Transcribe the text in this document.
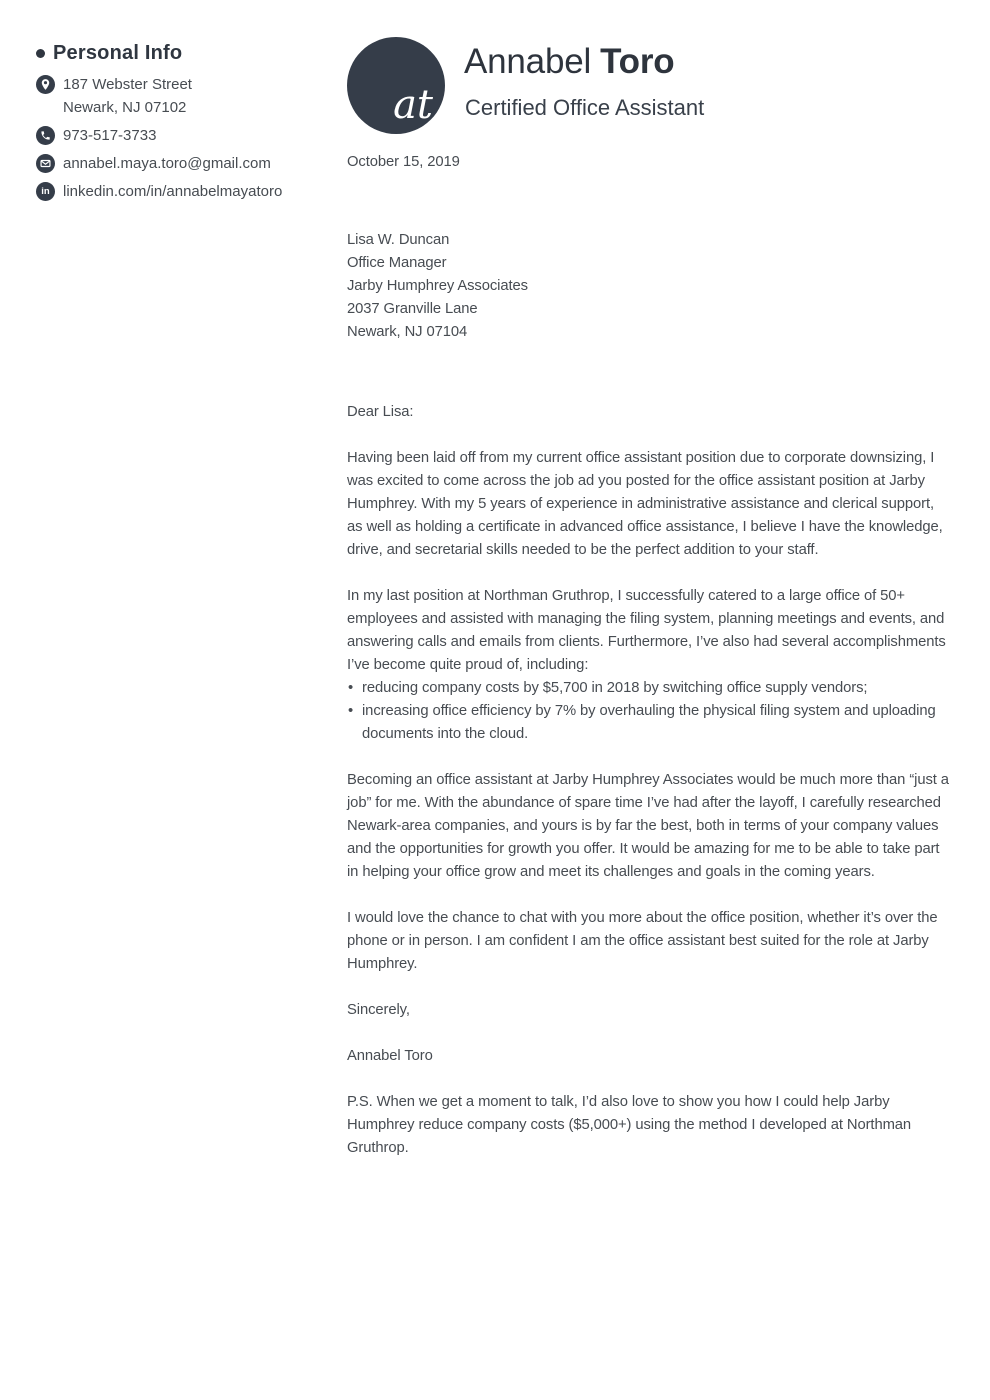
Personal Info
187 Webster Street
Newark, NJ 07102
973-517-3733
annabel.maya.toro@gmail.com
in linkedin.com/in/annabelmayatoro
at
Annabel Toro
Certified Office Assistant
October 15, 2019
Lisa W. Duncan
Office Manager
Jarby Humphrey Associates
2037 Granville Lane
Newark, NJ 07104
Dear Lisa:

Having been laid off from my current office assistant position due to corporate downsizing, I was excited to come across the job ad you posted for the office assistant position at Jarby Humphrey. With my 5 years of experience in administrative assistance and clerical support, as well as holding a certificate in advanced office assistance, I believe I have the knowledge, drive, and secretarial skills needed to be the perfect addition to your staff.

In my last position at Northman Gruthrop, I successfully catered to a large office of 50+ employees and assisted with managing the filing system, planning meetings and events, and answering calls and emails from clients. Furthermore, I’ve also had several accomplishments I’ve become quite proud of, including:

• reducing company costs by $5,700 in 2018 by switching office supply vendors;
• increasing office efficiency by 7% by overhauling the physical filing system and uploading documents into the cloud.

Becoming an office assistant at Jarby Humphrey Associates would be much more than “just a job” for me. With the abundance of spare time I’ve had after the layoff, I carefully researched Newark-area companies, and yours is by far the best, both in terms of your company values and the opportunities for growth you offer. It would be amazing for me to be able to take part in helping your office grow and meet its challenges and goals in the coming years.

I would love the chance to chat with you more about the office position, whether it’s over the phone or in person. I am confident I am the office assistant best suited for the role at Jarby Humphrey.

Sincerely,
Annabel Toro
P.S. When we get a moment to talk, I’d also love to show you how I could help Jarby Humphrey reduce company costs ($5,000+) using the method I developed at Northman Gruthrop.
